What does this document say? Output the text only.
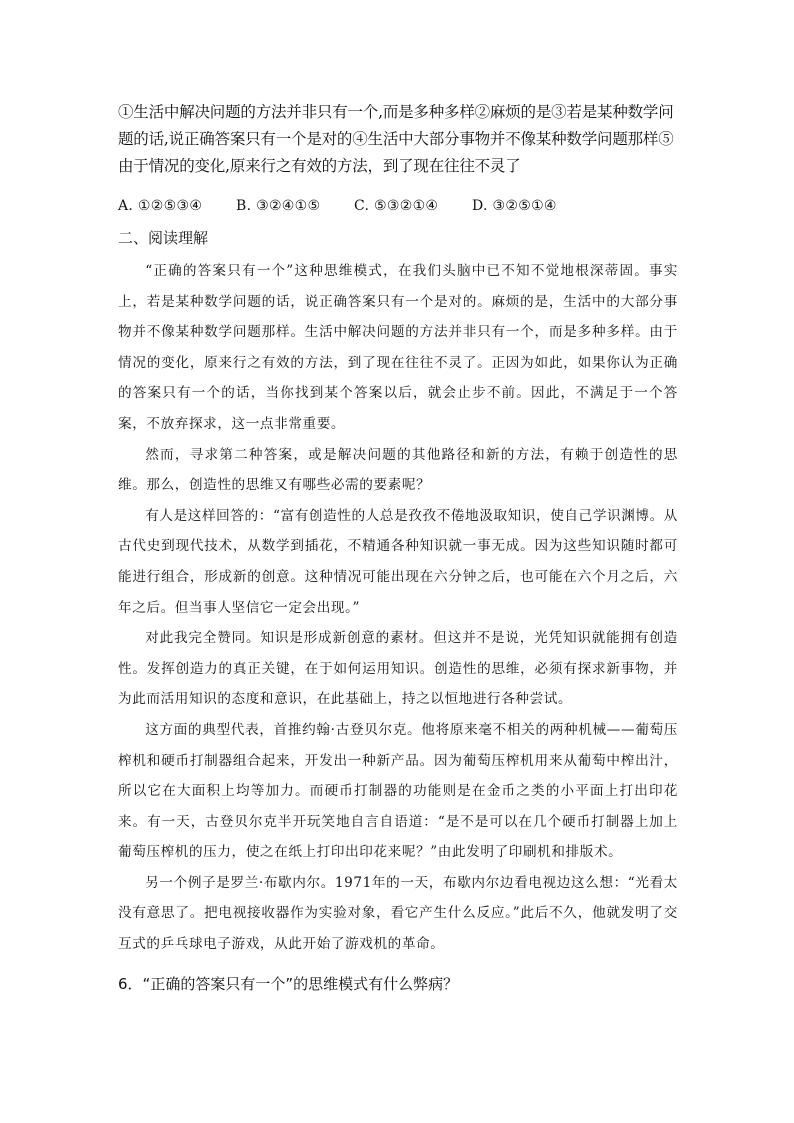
①生活中解决问题的方法并非只有一个,而是多种多样②麻烦的是③若是某种数学问题的话,说正确答案只有一个是对的④生活中大部分事物并不像某种数学问题那样⑤由于情况的变化,原来行之有效的方法，到了现在往往不灵了
A. ①②⑤③④ B. ③②④①⑤ C. ⑤③②①④ D. ③②⑤①④
二、阅读理解

“正确的答案只有一个”这种思维模式，在我们头脑中已不知不觉地根深蒂固。事实上，若是某种数学问题的话，说正确答案只有一个是对的。麻烦的是，生活中的大部分事物并不像某种数学问题那样。生活中解决问题的方法并非只有一个，而是多种多样。由于情况的变化，原来行之有效的方法，到了现在往往不灵了。正因为如此，如果你认为正确的答案只有一个的话，当你找到某个答案以后，就会止步不前。因此，不满足于一个答案，不放弃探求，这一点非常重要。

然而，寻求第二种答案，或是解决问题的其他路径和新的方法，有赖于创造性的思维。那么，创造性的思维又有哪些必需的要素呢？

有人是这样回答的：“富有创造性的人总是孜孜不倦地汲取知识，使自己学识渊博。从古代史到现代技术，从数学到插花，不精通各种知识就一事无成。因为这些知识随时都可能进行组合，形成新的创意。这种情况可能出现在六分钟之后，也可能在六个月之后，六年之后。但当事人坚信它一定会出现。”

对此我完全赞同。知识是形成新创意的素材。但这并不是说，光凭知识就能拥有创造性。发挥创造力的真正关键，在于如何运用知识。创造性的思维，必须有探求新事物，并为此而活用知识的态度和意识，在此基础上，持之以恒地进行各种尝试。

这方面的典型代表，首推约翰·古登贝尔克。他将原来毫不相关的两种机械——葡萄压榨机和硬币打制器组合起来，开发出一种新产品。因为葡萄压榨机用来从葡萄中榨出汁，所以它在大面积上均等加力。而硬币打制器的功能则是在金币之类的小平面上打出印花来。有一天，古登贝尔克半开玩笑地自言自语道：“是不是可以在几个硬币打制器上加上葡萄压榨机的压力，使之在纸上打印出印花来呢？”由此发明了印刷机和排版术。

另一个例子是罗兰·布歇内尔。1971年的一天，布歇内尔边看电视边这么想：“光看太没有意思了。把电视接收器作为实验对象，看它产生什么反应。”此后不久，他就发明了交互式的乒乓球电子游戏，从此开始了游戏机的革命。

6．“正确的答案只有一个”的思维模式有什么弊病？
